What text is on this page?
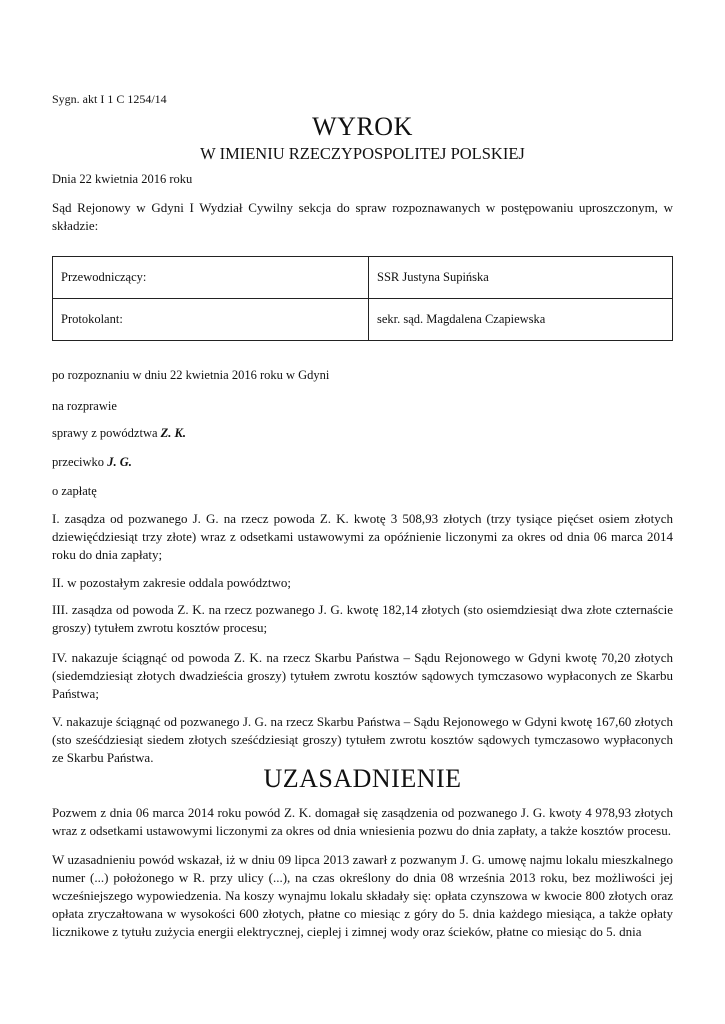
Sygn. akt I 1 C 1254/14
WYROK
W IMIENIU RZECZYPOSPOLITEJ POLSKIEJ
Dnia 22 kwietnia 2016 roku
Sąd Rejonowy w Gdyni I Wydział Cywilny sekcja do spraw rozpoznawanych w postępowaniu uproszczonym, w składzie:
Przewodniczący:	SSR Justyna Supińska
Protokolant:	sekr. sąd. Magdalena Czapiewska
po rozpoznaniu w dniu 22 kwietnia 2016 roku w Gdyni
na rozprawie
sprawy z powództwa Z. K.
przeciwko J. G.
o zapłatę
I. zasądza od pozwanego J. G. na rzecz powoda Z. K. kwotę 3 508,93 złotych (trzy tysiące pięćset osiem złotych dziewięćdziesiąt trzy złote) wraz z odsetkami ustawowymi za opóźnienie liczonymi za okres od dnia 06 marca 2014 roku do dnia zapłaty;
II. w pozostałym zakresie oddala powództwo;
III. zasądza od powoda Z. K. na rzecz pozwanego J. G. kwotę 182,14 złotych (sto osiemdziesiąt dwa złote czternaście groszy) tytułem zwrotu kosztów procesu;
IV. nakazuje ściągnąć od powoda Z. K. na rzecz Skarbu Państwa – Sądu Rejonowego w Gdyni kwotę 70,20 złotych (siedemdziesiąt złotych dwadzieścia groszy) tytułem zwrotu kosztów sądowych tymczasowo wypłaconych ze Skarbu Państwa;
V. nakazuje ściągnąć od pozwanego J. G. na rzecz Skarbu Państwa – Sądu Rejonowego w Gdyni kwotę 167,60 złotych (sto sześćdziesiąt siedem złotych sześćdziesiąt groszy) tytułem zwrotu kosztów sądowych tymczasowo wypłaconych ze Skarbu Państwa.
UZASADNIENIE
Pozwem z dnia 06 marca 2014 roku powód Z. K. domagał się zasądzenia od pozwanego J. G. kwoty 4 978,93 złotych wraz z odsetkami ustawowymi liczonymi za okres od dnia wniesienia pozwu do dnia zapłaty, a także kosztów procesu.
W uzasadnieniu powód wskazał, iż w dniu 09 lipca 2013 zawarł z pozwanym J. G. umowę najmu lokalu mieszkalnego numer (...) położonego w R. przy ulicy (...), na czas określony do dnia 08 września 2013 roku, bez możliwości jej wcześniejszego wypowiedzenia. Na koszy wynajmu lokalu składały się: opłata czynszowa w kwocie 800 złotych oraz opłata zryczałtowana w wysokości 600 złotych, płatne co miesiąc z góry do 5. dnia każdego miesiąca, a także opłaty licznikowe z tytułu zużycia energii elektrycznej, cieplej i zimnej wody oraz ścieków, płatne co miesiąc do 5. dnia
